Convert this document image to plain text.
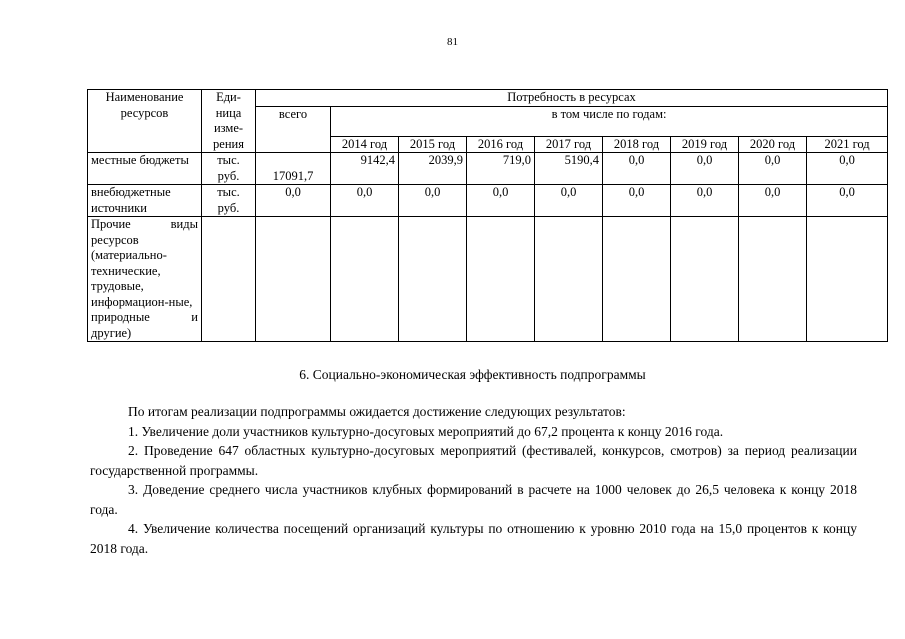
81
Наименование ресурсов	Еди-ница изме-рения	Потребность в ресурсах								
		всего	в том числе по годам:							
			2014 год	2015 год	2016 год	2017 год	2018 год	2019 год	2020 год	2021 год
местные бюджеты	тыс. руб.	17091,7	9142,4	2039,9	719,0	5190,4	0,0	0,0	0,0	0,0
внебюджетные источники	тыс. руб.	0,0	0,0	0,0	0,0	0,0	0,0	0,0	0,0	0,0
Прочие виды ресурсов (материально-технические, трудовые, информацион-ные, природные и другие)										
6. Социально-экономическая эффективность подпрограммы

По итогам реализации подпрограммы ожидается достижение следующих результатов:

1. Увеличение доли участников культурно-досуговых мероприятий до 67,2 процента к концу 2016 года.

2. Проведение 647 областных культурно-досуговых мероприятий (фестивалей, конкурсов, смотров) за период реализации государственной программы.

3. Доведение среднего числа участников клубных формирований в расчете на 1000 человек до 26,5 человека к концу 2018 года.

4. Увеличение количества посещений организаций культуры по отношению к уровню 2010 года на 15,0 процентов к концу 2018 года.
